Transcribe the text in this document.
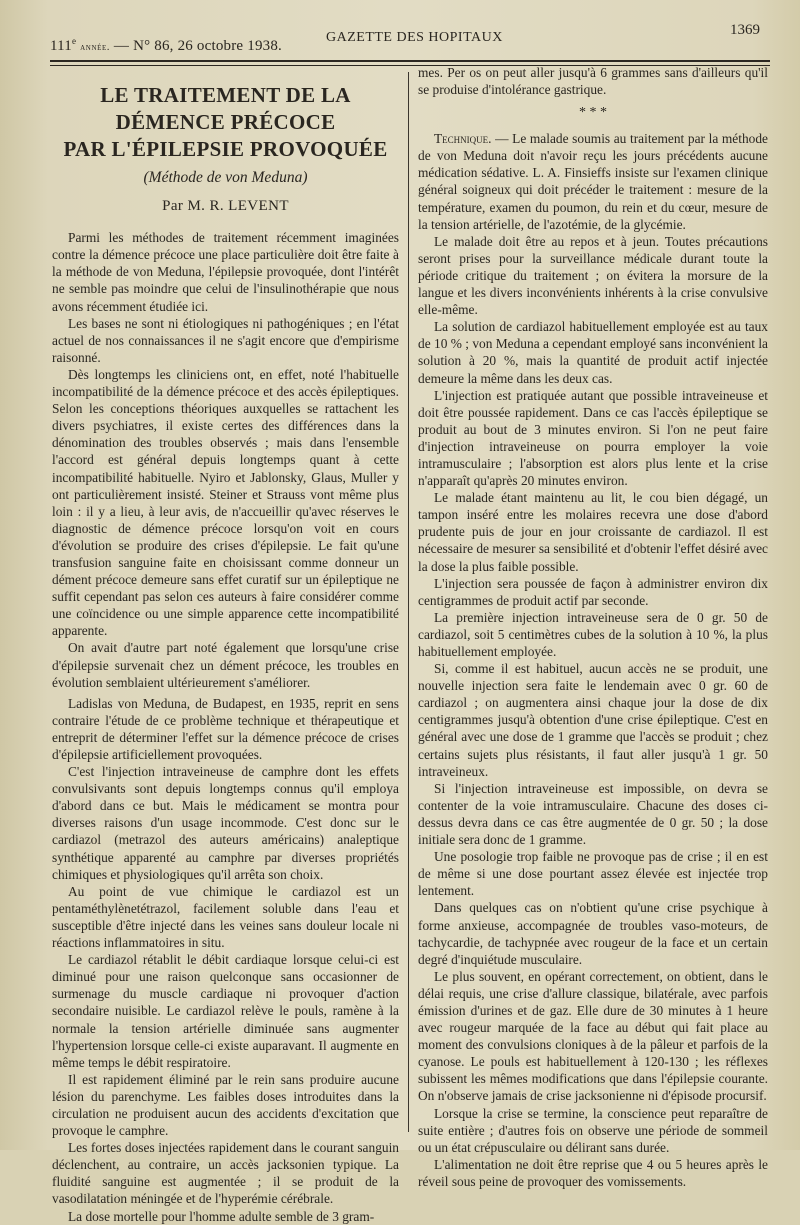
111e année. — N° 86, 26 octobre 1938.
GAZETTE DES HOPITAUX	1369
LE TRAITEMENT DE LA DÉMENCE PRÉCOCE
PAR L'ÉPILEPSIE PROVOQUÉE
(Méthode de von Meduna)
Par M. R. LEVENT

Parmi les méthodes de traitement récemment imaginées contre la démence précoce une place particulière doit être faite à la méthode de von Meduna, l'épilepsie provoquée, dont l'intérêt ne semble pas moindre que celui de l'insulinothérapie que nous avons récemment étudiée ici.

Les bases ne sont ni étiologiques ni pathogéniques ; en l'état actuel de nos connaissances il ne s'agit encore que d'empirisme raisonné.

Dès longtemps les cliniciens ont, en effet, noté l'habituelle incompatibilité de la démence précoce et des accès épileptiques. Selon les conceptions théoriques auxquelles se rattachent les divers psychiatres, il existe certes des différences dans la dénomination des troubles observés ; mais dans l'ensemble l'accord est général depuis longtemps quant à cette incompatibilité habituelle. Nyiro et Jablonsky, Glaus, Muller y ont particulièrement insisté. Steiner et Strauss vont même plus loin : il y a lieu, à leur avis, de n'accueillir qu'avec réserves le diagnostic de démence précoce lorsqu'on voit en cours d'évolution se produire des crises d'épilepsie. Le fait qu'une transfusion sanguine faite en choisissant comme donneur un dément précoce demeure sans effet curatif sur un épileptique ne suffit cependant pas selon ces auteurs à faire considérer comme une coïncidence ou une simple apparence cette incompatibilité apparente.

On avait d'autre part noté également que lorsqu'une crise d'épilepsie survenait chez un dément précoce, les troubles en évolution semblaient ultérieurement s'améliorer.

Ladislas von Meduna, de Budapest, en 1935, reprit en sens contraire l'étude de ce problème technique et thérapeutique et entreprit de déterminer l'effet sur la démence précoce de crises d'épilepsie artificiellement provoquées.

C'est l'injection intraveineuse de camphre dont les effets convulsivants sont depuis longtemps connus qu'il employa d'abord dans ce but. Mais le médicament se montra pour diverses raisons d'un usage incommode. C'est donc sur le cardiazol (metrazol des auteurs américains) analeptique synthétique apparenté au camphre par diverses propriétés chimiques et physiologiques qu'il arrêta son choix.

Au point de vue chimique le cardiazol est un pentaméthylènetétrazol, facilement soluble dans l'eau et susceptible d'être injecté dans les veines sans douleur locale ni réactions inflammatoires in situ.

Le cardiazol rétablit le débit cardiaque lorsque celui-ci est diminué pour une raison quelconque sans occasionner de surmenage du muscle cardiaque ni provoquer d'action secondaire nuisible. Le cardiazol relève le pouls, ramène à la normale la tension artérielle diminuée sans augmenter l'hypertension lorsque celle-ci existe auparavant. Il augmente en même temps le débit respiratoire.

Il est rapidement éliminé par le rein sans produire aucune lésion du parenchyme. Les faibles doses introduites dans la circulation ne produisent aucun des accidents d'excitation que provoque le camphre.

Les fortes doses injectées rapidement dans le courant sanguin déclenchent, au contraire, un accès jacksonien typique. La fluidité sanguine est augmentée ; il se produit de la vasodilatation méningée et de l'hyperémie cérébrale.

La dose mortelle pour l'homme adulte semble de 3 gram-

mes. Per os on peut aller jusqu'à 6 grammes sans d'ailleurs qu'il se produise d'intolérance gastrique.

* * *

Technique. — Le malade soumis au traitement par la méthode de von Meduna doit n'avoir reçu les jours précédents aucune médication sédative. L. A. Finsieffs insiste sur l'examen clinique général soigneux qui doit précéder le traitement : mesure de la température, examen du poumon, du rein et du cœur, mesure de la tension artérielle, de l'azotémie, de la glycémie.

Le malade doit être au repos et à jeun. Toutes précautions seront prises pour la surveillance médicale durant toute la période critique du traitement ; on évitera la morsure de la langue et les divers inconvénients inhérents à la crise convulsive elle-même.

La solution de cardiazol habituellement employée est au taux de 10 % ; von Meduna a cependant employé sans inconvénient la solution à 20 %, mais la quantité de produit actif injectée demeure la même dans les deux cas.

L'injection est pratiquée autant que possible intraveineuse et doit être poussée rapidement. Dans ce cas l'accès épileptique se produit au bout de 3 minutes environ. Si l'on ne peut faire d'injection intraveineuse on pourra employer la voie intramusculaire ; l'absorption est alors plus lente et la crise n'apparaît qu'après 20 minutes environ.

Le malade étant maintenu au lit, le cou bien dégagé, un tampon inséré entre les molaires recevra une dose d'abord prudente puis de jour en jour croissante de cardiazol. Il est nécessaire de mesurer sa sensibilité et d'obtenir l'effet désiré avec la dose la plus faible possible.

L'injection sera poussée de façon à administrer environ dix centigrammes de produit actif par seconde.

La première injection intraveineuse sera de 0 gr. 50 de cardiazol, soit 5 centimètres cubes de la solution à 10 %, la plus habituellement employée.

Si, comme il est habituel, aucun accès ne se produit, une nouvelle injection sera faite le lendemain avec 0 gr. 60 de cardiazol ; on augmentera ainsi chaque jour la dose de dix centigrammes jusqu'à obtention d'une crise épileptique. C'est en général avec une dose de 1 gramme que l'accès se produit ; chez certains sujets plus résistants, il faut aller jusqu'à 1 gr. 50 intraveineux.

Si l'injection intraveineuse est impossible, on devra se contenter de la voie intramusculaire. Chacune des doses ci-dessus devra dans ce cas être augmentée de 0 gr. 50 ; la dose initiale sera donc de 1 gramme.

Une posologie trop faible ne provoque pas de crise ; il en est de même si une dose pourtant assez élevée est injectée trop lentement.

Dans quelques cas on n'obtient qu'une crise psychique à forme anxieuse, accompagnée de troubles vaso-moteurs, de tachycardie, de tachypnée avec rougeur de la face et un certain degré d'inquiétude musculaire.

Le plus souvent, en opérant correctement, on obtient, dans le délai requis, une crise d'allure classique, bilatérale, avec parfois émission d'urines et de gaz. Elle dure de 30 minutes à 1 heure avec rougeur marquée de la face au début qui fait place au moment des convulsions cloniques à de la pâleur et parfois de la cyanose. Le pouls est habituellement à 120-130 ; les réflexes subissent les mêmes modifications que dans l'épilepsie courante. On n'observe jamais de crise jacksonienne ni d'épisode procursif.

Lorsque la crise se termine, la conscience peut reparaître de suite entière ; d'autres fois on observe une période de sommeil ou un état crépusculaire ou délirant sans durée.

L'alimentation ne doit être reprise que 4 ou 5 heures après le réveil sous peine de provoquer des vomissements.
